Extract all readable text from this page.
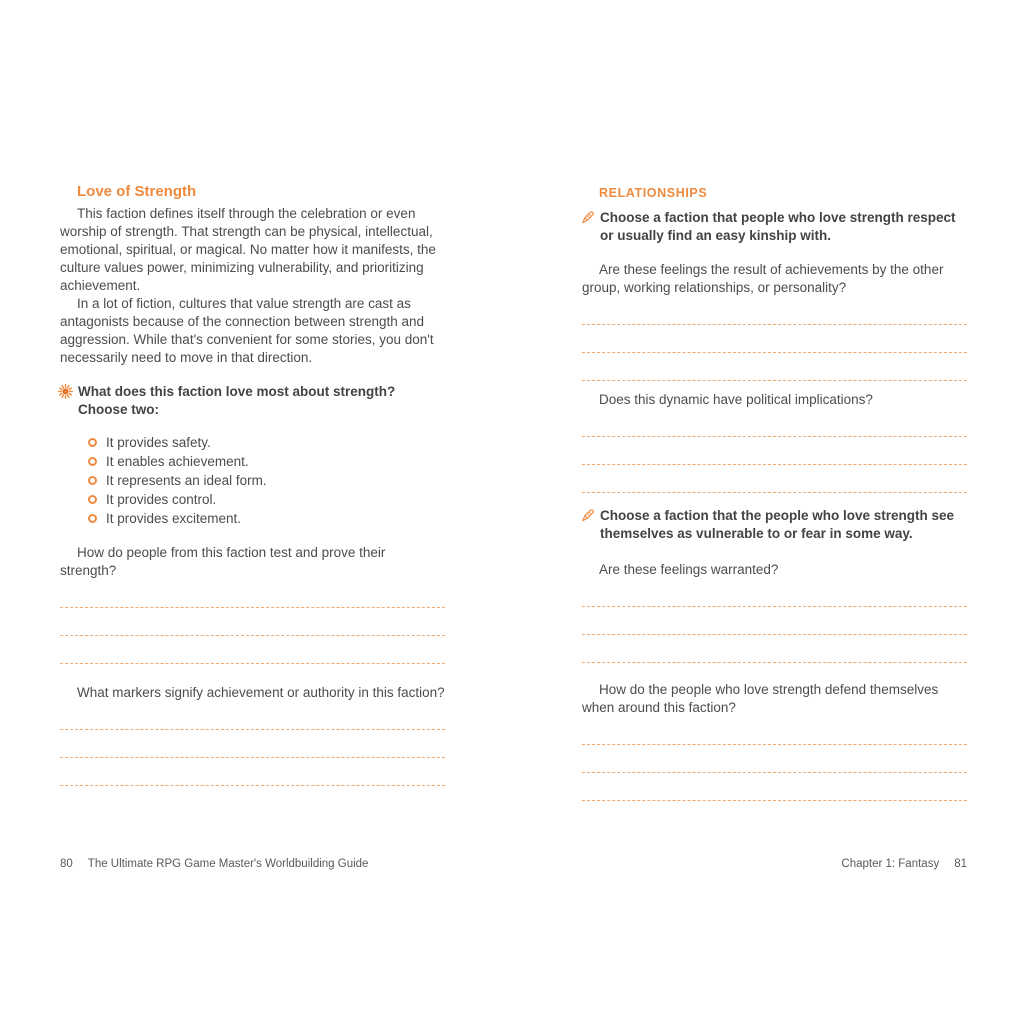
Love of Strength

This faction defines itself through the celebration or even worship of strength. That strength can be physical, intellectual, emotional, spiritual, or magical. No matter how it manifests, the culture values power, minimizing vulnerability, and prioritizing achievement.

In a lot of fiction, cultures that value strength are cast as antagonists because of the connection between strength and aggression. While that's convenient for some stories, you don't necessarily need to move in that direction.

What does this faction love most about strength?

Choose two:

It provides safety.
It enables achievement.
It represents an ideal form.
It provides control.
It provides excitement.

How do people from this faction test and prove their strength?

What markers signify achievement or authority in this faction?

RELATIONSHIPS

Choose a faction that people who love strength respect or usually find an easy kinship with.

Are these feelings the result of achievements by the other group, working relationships, or personality?

Does this dynamic have political implications?

Choose a faction that the people who love strength see themselves as vulnerable to or fear in some way.

Are these feelings warranted?

How do the people who love strength defend themselves when around this faction?

80 The Ultimate RPG Game Master's Worldbuilding Guide	Chapter 1: Fantasy 81
